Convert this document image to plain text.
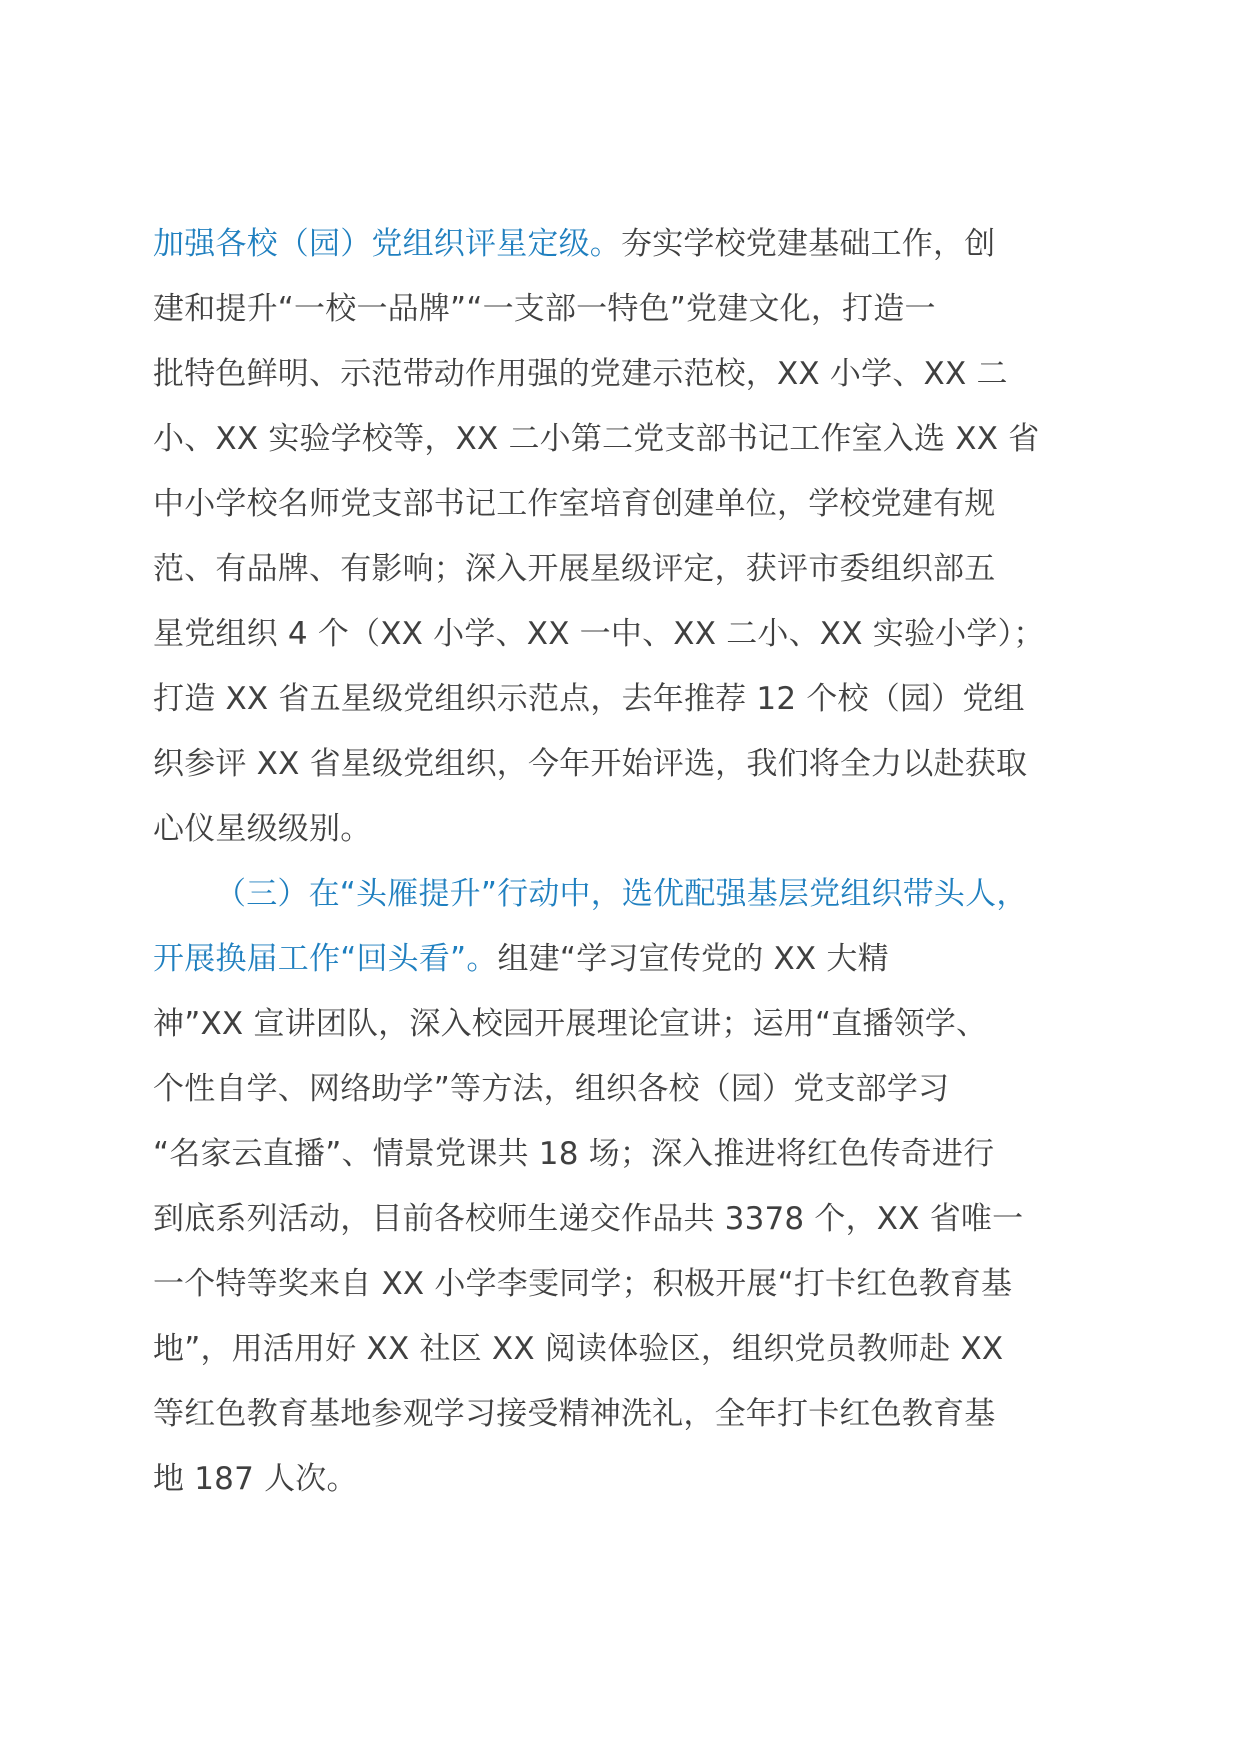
加强各校（园）党组织评星定级。夯实学校党建基础工作，创
建和提升“一校一品牌”“一支部一特色”党建文化，打造一
批特色鲜明、示范带动作用强的党建示范校，XX 小学、XX 二
小、XX 实验学校等，XX 二小第二党支部书记工作室入选 XX 省
中小学校名师党支部书记工作室培育创建单位，学校党建有规
范、有品牌、有影响；深入开展星级评定，获评市委组织部五
星党组织 4 个（XX 小学、XX 一中、XX 二小、XX 实验小学）；
打造 XX 省五星级党组织示范点，去年推荐 12 个校（园）党组
织参评 XX 省星级党组织，今年开始评选，我们将全力以赴获取
心仪星级级别。
（三）在“头雁提升”行动中，选优配强基层党组织带头人，
开展换届工作“回头看”。组建“学习宣传党的 XX 大精
神”XX 宣讲团队，深入校园开展理论宣讲；运用“直播领学、
个性自学、网络助学”等方法，组织各校（园）党支部学习
“名家云直播”、情景党课共 18 场；深入推进将红色传奇进行
到底系列活动，目前各校师生递交作品共 3378 个，XX 省唯一
一个特等奖来自 XX 小学李雯同学；积极开展“打卡红色教育基
地”，用活用好 XX 社区 XX 阅读体验区，组织党员教师赴 XX
等红色教育基地参观学习接受精神洗礼，全年打卡红色教育基
地 187 人次。
